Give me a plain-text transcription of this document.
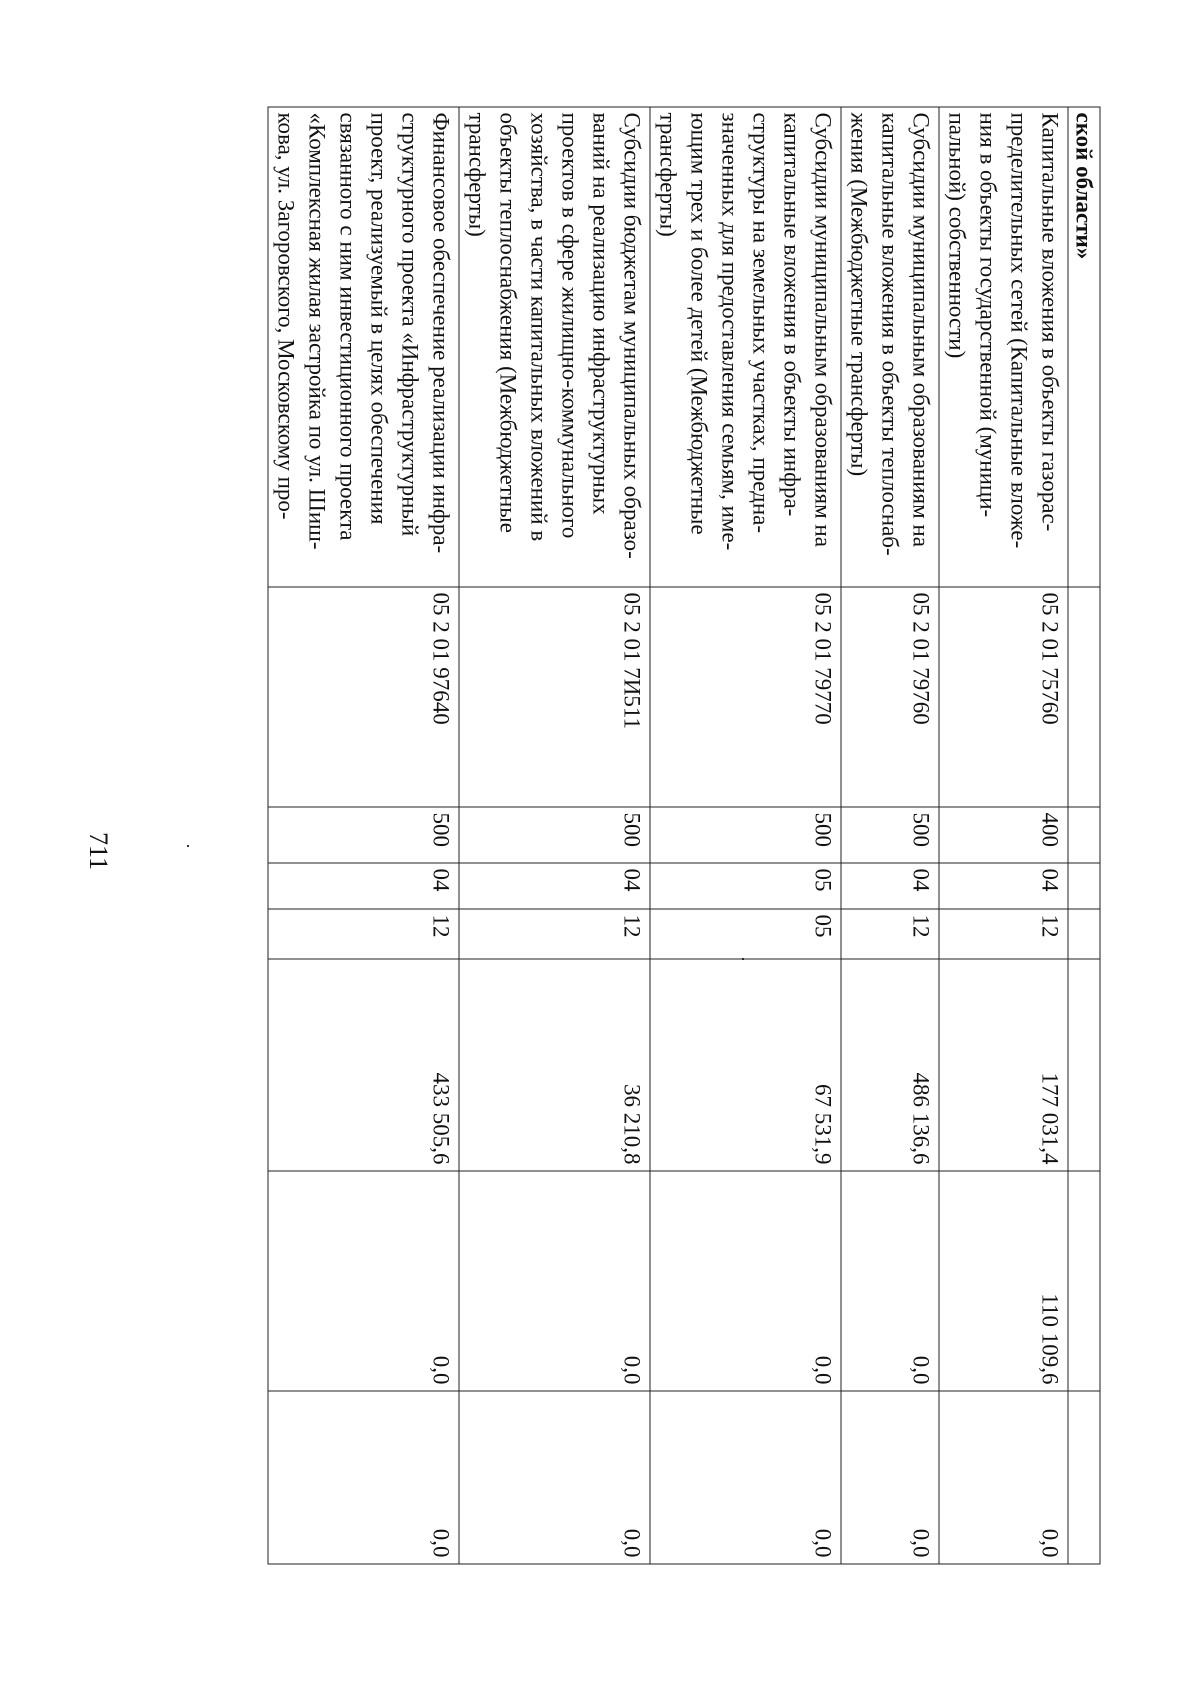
711
ской области»							
Капитальные вложения в объекты газорас-пределительных сетей (Капитальные вложе-ния в объекты государственной (муници-пальной) собственности)	05 2 01 75760	400	04	12	177 031,4	110 109,6	0,0
Субсидии муниципальным образованиям на капитальные вложения в объекты теплоснаб-жения (Межбюджетные трансферты)	05 2 01 79760	500	04	12	486 136,6	0,0	0,0
Субсидии муниципальным образованиям на капитальные вложения в объекты инфра-структуры на земельных участках, предна-значенных для предоставления семьям, име-ющим трех и более детей (Межбюджетные трансферты)	05 2 01 79770	500	05	05	67 531,9	0,0	0,0
Субсидии бюджетам муниципальных образо-ваний на реализацию инфраструктурных проектов в сфере жилищно-коммунального хозяйства, в части капитальных вложений в объекты теплоснабжения (Межбюджетные трансферты)	05 2 01 7И511	500	04	12	36 210,8	0,0	0,0
Финансовое обеспечение реализации инфра-структурного проекта «Инфраструктурный проект, реализуемый в целях обеспечения связанного с ним инвестиционного проекта «Комплексная жилая застройка по ул. Шиш-кова, ул. Загоровского, Московскому про-	05 2 01 97640	500	04	12	433 505,6	0,0	0,0
